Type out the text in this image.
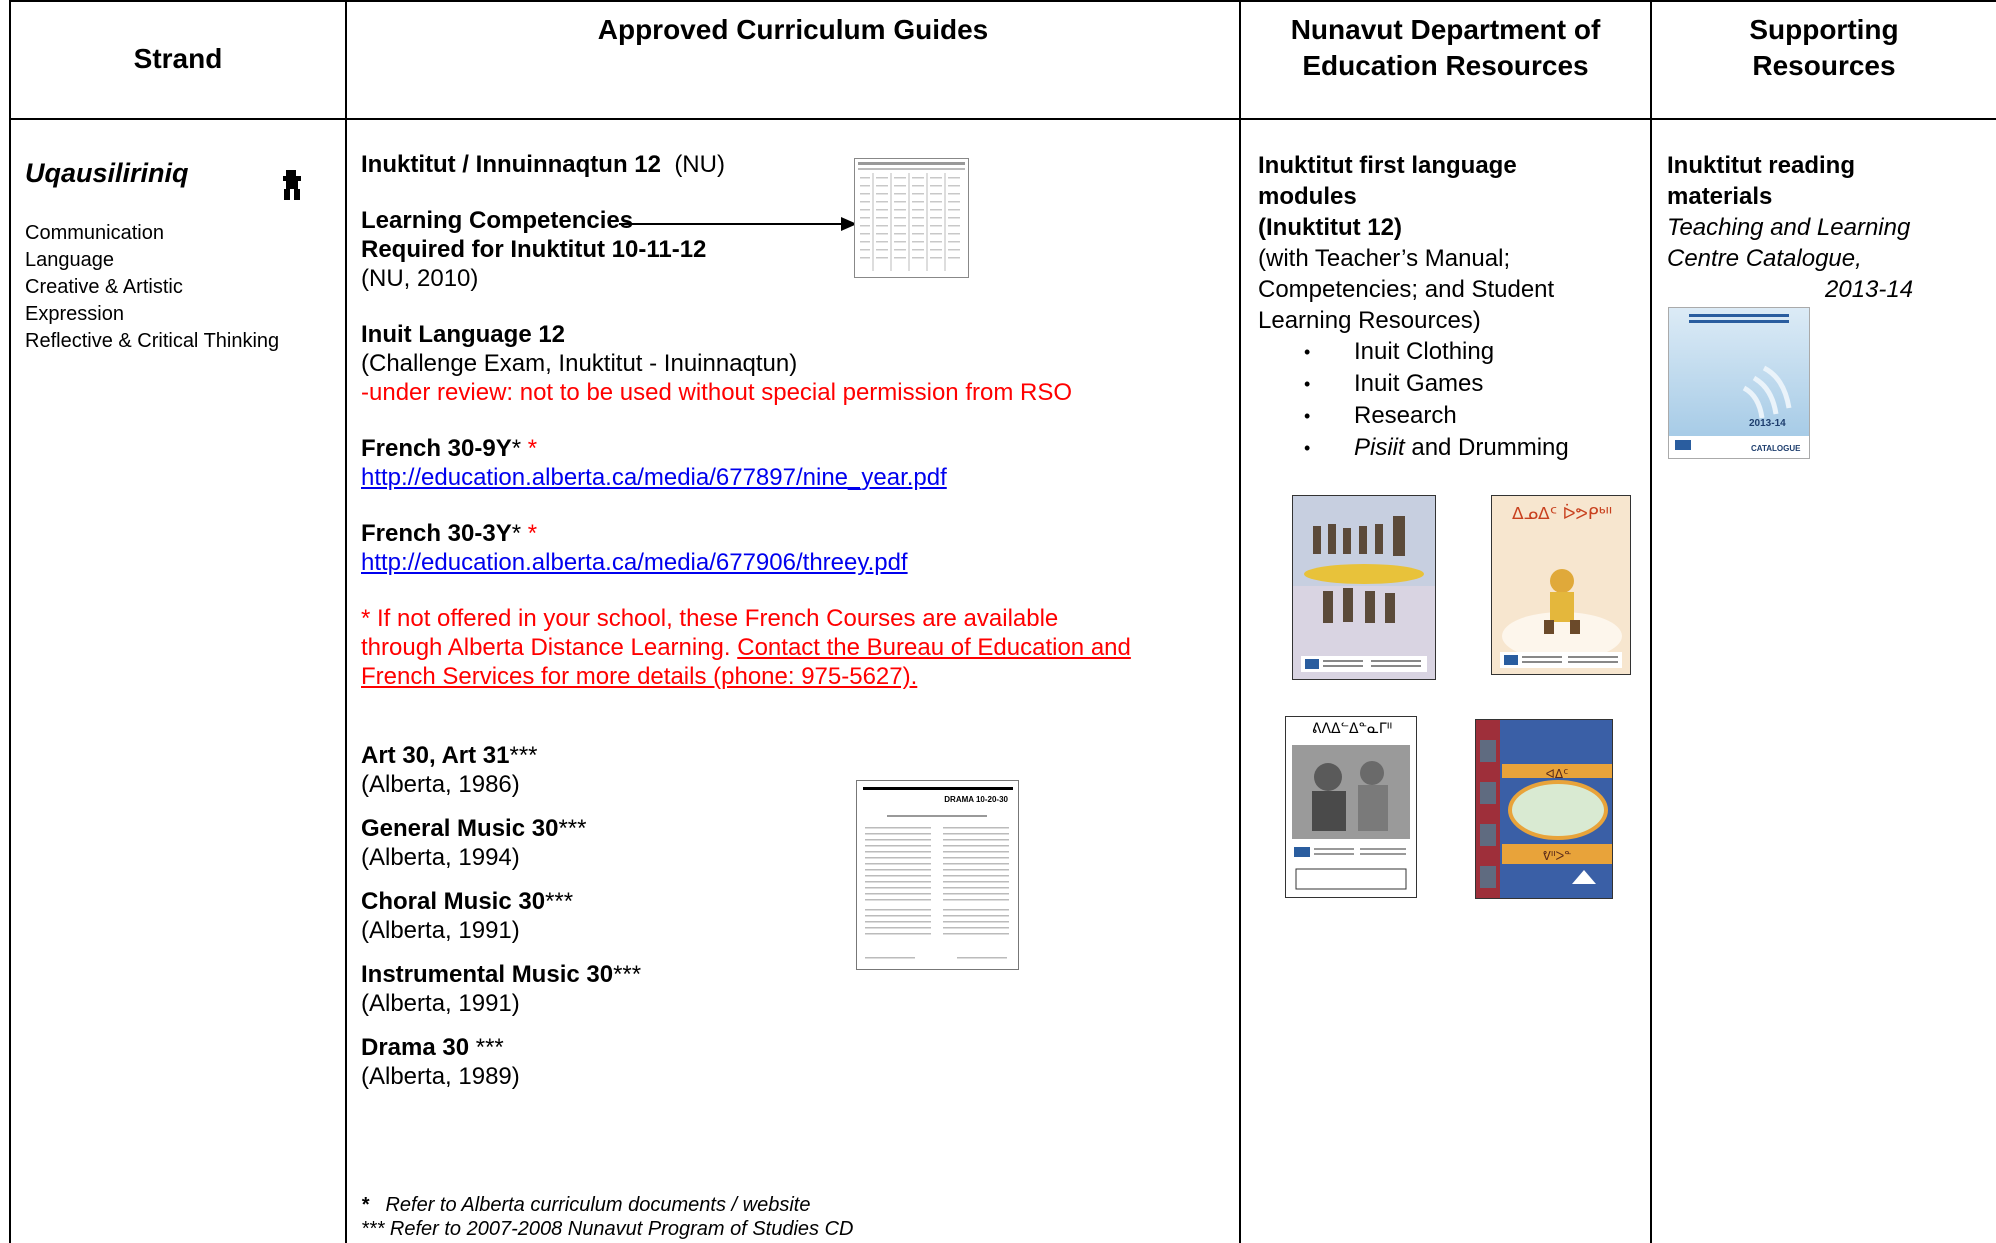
Strand
Approved Curriculum Guides	Nunavut Department of
Education Resources
Supporting
Resources
Uqausiliriniq
Communication
Language
Creative & Artistic
Expression
Reflective & Critical Thinking

Inuktitut / Innuinnaqtun 12 (NU)

Learning Competencies

Required for Inuktitut 10-11-12

(NU, 2010)

Inuit Language 12

(Challenge Exam, Inuktitut - Inuinnaqtun)

-under review: not to be used without special permission from RSO

French 30-9Y* *

http://education.alberta.ca/media/677897/nine_year.pdf

French 30-3Y* *

http://education.alberta.ca/media/677906/threey.pdf

* If not offered in your school, these French Courses are available

through Alberta Distance Learning. Contact the Bureau of Education and

French Services for more details (phone: 975-5627).

Art 30, Art 31***

(Alberta, 1986)

General Music 30***

(Alberta, 1994)

Choral Music 30***

(Alberta, 1991)

Instrumental Music 30***

(Alberta, 1991)

Drama 30 ***

(Alberta, 1989)

* Refer to Alberta curriculum documents / website

*** Refer to 2007-2008 Nunavut Program of Studies CD

DRAMA 10-20-30

Inuktitut first language

modules

(Inuktitut 12)

(with Teacher’s Manual;

Competencies; and Student

Learning Resources)

• Inuit Clothing
• Inuit Games
• Research
• Pisiit and Drumming
ᐃᓄᐃᑦ ᐆᕗᑭᒃᐦ
ᕕᐱᐃᓪᐃᓐᓇᒥᐦ
ᐊᐃᑦ
ᕓᐦᐳᓐ

Inuktitut reading

materials

Teaching and Learning

Centre Catalogue,

2013-14

2013-14
CATALOGUE
